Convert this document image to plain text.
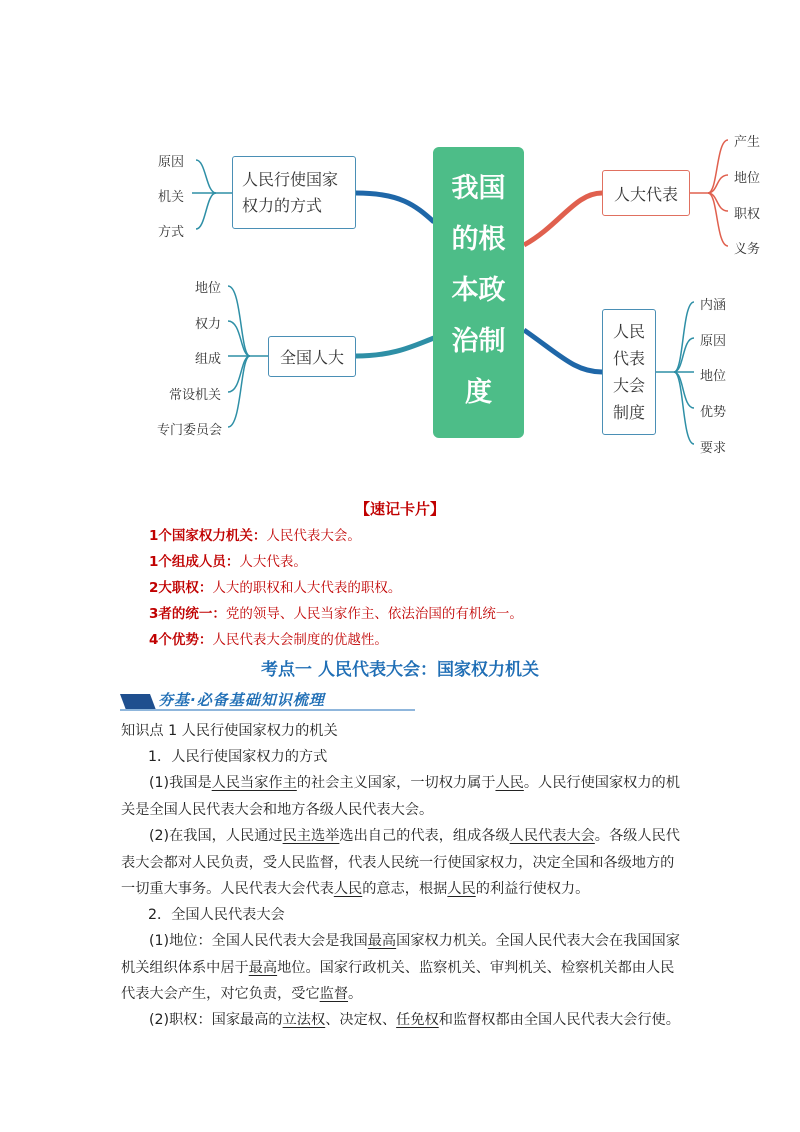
我国
的根
本政
治制
度
人民行使国家
权力的方式
原因
机关
方式
全国人大
地位
权力
组成
常设机关
专门委员会
人大代表
产生
地位
职权
义务
人民
代表
大会
制度
内涵
原因
地位
优势
要求
【速记卡片】
1个国家权力机关：人民代表大会。
1个组成人员：人大代表。
2大职权：人大的职权和人大代表的职权。
3者的统一：党的领导、人民当家作主、依法治国的有机统一。
4个优势：人民代表大会制度的优越性。
考点一 人民代表大会：国家权力机关
夯基·必备基础知识梳理
知识点 1 人民行使国家权力的机关
1．人民行使国家权力的方式
(1)我国是人民当家作主的社会主义国家，一切权力属于人民。人民行使国家权力的机关是全国人民代表大会和地方各级人民代表大会。
(2)在我国，人民通过民主选举选出自己的代表，组成各级人民代表大会。各级人民代表大会都对人民负责，受人民监督，代表人民统一行使国家权力，决定全国和各级地方的一切重大事务。人民代表大会代表人民的意志，根据人民的利益行使权力。
2．全国人民代表大会
(1)地位：全国人民代表大会是我国最高国家权力机关。全国人民代表大会在我国国家机关组织体系中居于最高地位。国家行政机关、监察机关、审判机关、检察机关都由人民代表大会产生，对它负责，受它监督。
(2)职权：国家最高的立法权、决定权、任免权和监督权都由全国人民代表大会行使。
